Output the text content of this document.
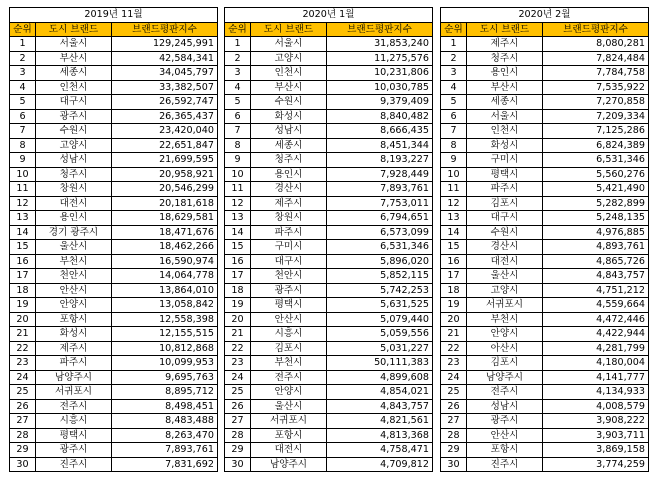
2019년 11월		
순위	도시 브랜드	브랜드평판지수
1	서울시	129,245,991
2	부산시	42,584,341
3	세종시	34,045,797
4	인천시	33,382,507
5	대구시	26,592,747
6	광주시	26,365,437
7	수원시	23,420,040
8	고양시	22,651,847
9	성남시	21,699,595
10	청주시	20,958,921
11	창원시	20,546,299
12	대전시	20,181,618
13	용인시	18,629,581
14	경기 광주시	18,471,676
15	울산시	18,462,266
16	부천시	16,590,974
17	천안시	14,064,778
18	안산시	13,864,010
19	안양시	13,058,842
20	포항시	12,558,398
21	화성시	12,155,515
22	제주시	10,812,868
23	파주시	10,099,953
24	남양주시	9,695,763
25	서귀포시	8,895,712
26	전주시	8,498,451
27	시흥시	8,483,488
28	평택시	8,263,470
29	광주시	7,893,761
30	진주시	7,831,692
2020년 1월		
순위	도시 브랜드	브랜드평판지수
1	서울시	31,853,240
2	고양시	11,275,576
3	인천시	10,231,806
4	부산시	10,030,785
5	수원시	9,379,409
6	화성시	8,840,482
7	성남시	8,666,435
8	세종시	8,451,344
9	청주시	8,193,227
10	용인시	7,928,449
11	경산시	7,893,761
12	제주시	7,753,011
13	창원시	6,794,651
14	파주시	6,573,099
15	구미시	6,531,346
16	대구시	5,896,020
17	천안시	5,852,115
18	광주시	5,742,253
19	평택시	5,631,525
20	안산시	5,079,440
21	시흥시	5,059,556
22	김포시	5,031,227
23	부천시	50,111,383
24	전주시	4,899,608
25	안양시	4,854,021
26	울산시	4,843,757
27	서귀포시	4,821,561
28	포항시	4,813,368
29	대전시	4,758,471
30	남양주시	4,709,812
2020년 2월		
순위	도시 브랜드	브랜드평판지수
1	제주시	8,080,281
2	청주시	7,824,484
3	용인시	7,784,758
4	부산시	7,535,922
5	세종시	7,270,858
6	서울시	7,209,334
7	인천시	7,125,286
8	화성시	6,824,389
9	구미시	6,531,346
10	평택시	5,560,276
11	파주시	5,421,490
12	김포시	5,282,899
13	대구시	5,248,135
14	수원시	4,976,885
15	경산시	4,893,761
16	대전시	4,865,726
17	울산시	4,843,757
18	고양시	4,751,212
19	서귀포시	4,559,664
20	부천시	4,472,446
21	안양시	4,422,944
22	아산시	4,281,799
23	김포시	4,180,004
24	남양주시	4,141,777
25	전주시	4,134,933
26	성남시	4,008,579
27	광주시	3,908,222
28	안산시	3,903,711
29	포항시	3,869,158
30	진주시	3,774,259
